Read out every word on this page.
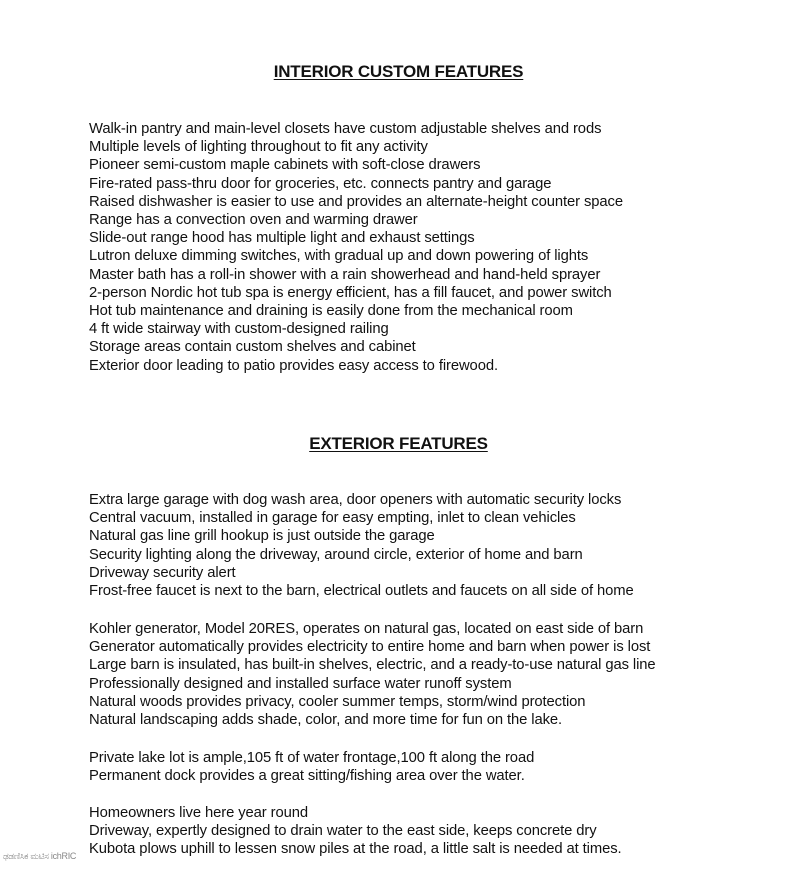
INTERIOR CUSTOM FEATURES
Walk-in pantry and main-level closets have custom adjustable shelves and rods
Multiple levels of lighting throughout to fit any activity
Pioneer semi-custom maple cabinets with soft-close drawers
Fire-rated pass-thru door for groceries, etc. connects pantry and garage
Raised dishwasher is easier to use and provides an alternate-height counter space
Range has a convection oven and warming drawer
Slide-out range hood has multiple light and exhaust settings
Lutron deluxe dimming switches, with gradual up and down powering of lights
Master bath has a roll-in shower with a rain showerhead and hand-held sprayer
2-person Nordic hot tub spa is energy efficient, has a fill faucet, and power switch
Hot tub maintenance and draining is easily done from the mechanical room
4 ft wide stairway with custom-designed railing
Storage areas contain custom shelves and cabinet
Exterior door leading to patio provides easy access to firewood.
EXTERIOR FEATURES
Extra large garage with dog wash area, door openers with automatic security locks
Central vacuum, installed in garage for easy empting, inlet to clean vehicles
Natural gas line grill hookup is just outside the garage
Security lighting along the driveway, around circle, exterior of home and barn
Driveway security alert
Frost-free faucet is next to the barn, electrical outlets and faucets on all side of home
Kohler generator, Model 20RES, operates on natural gas, located on east side of barn
Generator automatically provides electricity to entire home and barn when power is lost
Large barn is insulated, has built-in shelves, electric, and a ready-to-use natural gas line
Professionally designed and installed surface water runoff system
Natural woods provides privacy, cooler summer temps, storm/wind protection
Natural landscaping adds shade, color, and more time for fun on the lake.
Private lake lot is ample,105 ft of water frontage,100 ft along the road
Permanent dock provides a great sitting/fishing area over the water.
Homeowners live here year round
Driveway, expertly designed to drain water to the east side, keeps concrete dry
Kubota plows uphill to lessen snow piles at the road, a little salt is needed at times.
ಢಡಣಿಸಿಕ ಮಟಿಸ ichRIC
